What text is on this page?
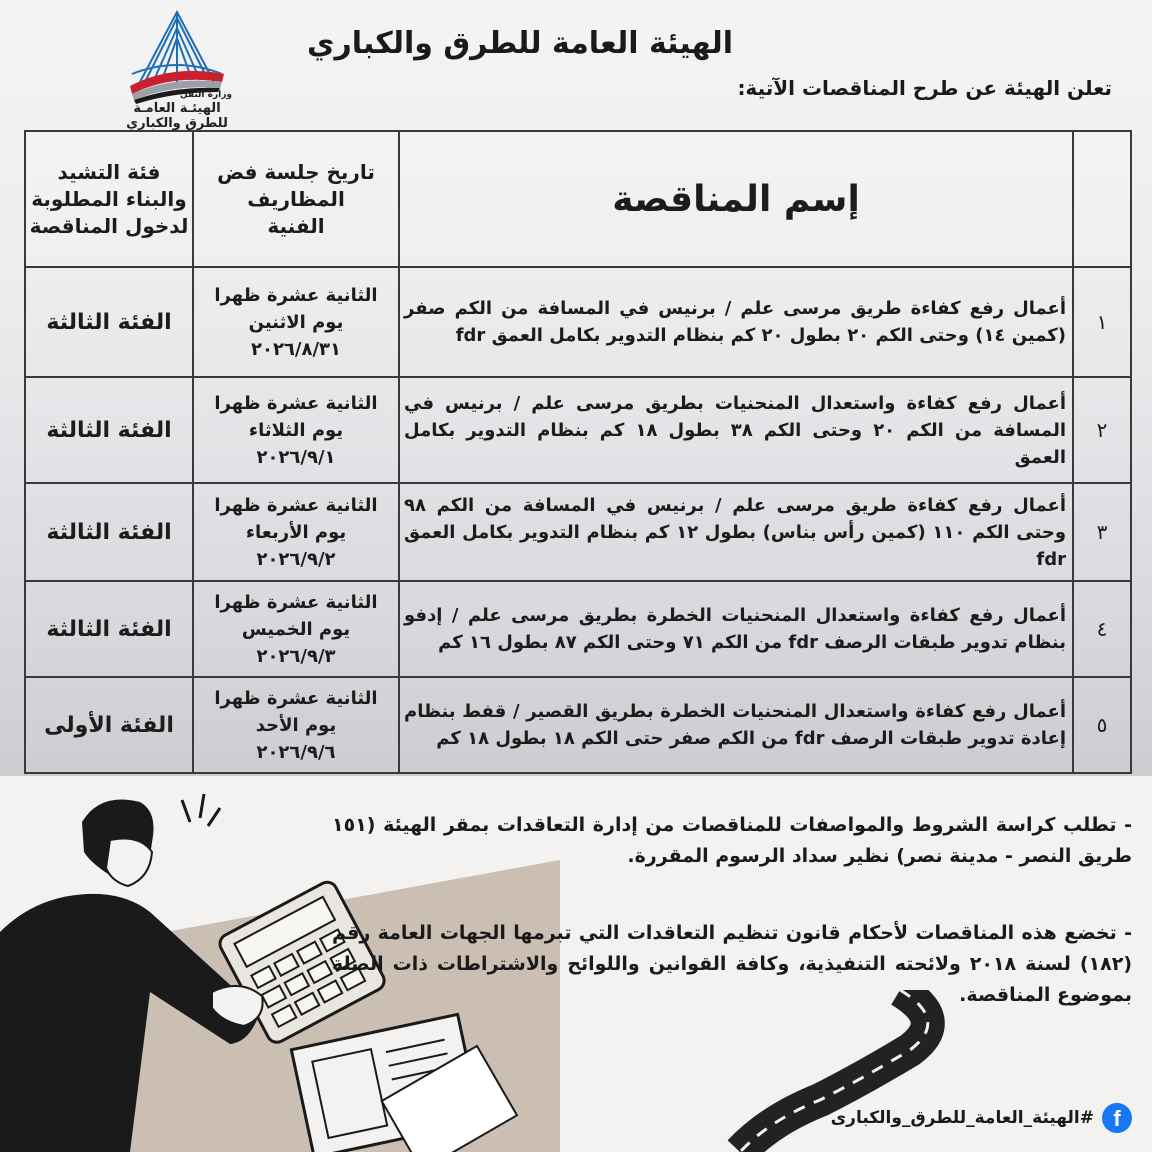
وزارة النقل
الهيئـة العامـة
للطرق والكباري
الهيئة العامة للطرق والكباري
تعلن الهيئة عن طرح المناقصات الآتية:
	إسم المناقصة	تاريخ جلسة فض المظاريف الفنية	فئة التشيد والبناء المطلوبة لدخول المناقصة
١	أعمال رفع كفاءة طريق مرسى علم / برنيس في المسافة من الكم صفر (كمين ١٤) وحتى الكم ٢٠ بطول ٢٠ كم بنظام التدوير بكامل العمق fdr	الثانية عشرة ظهرا
يوم الاثنين
٢٠٢٦/٨/٣١	الفئة الثالثة
٢	أعمال رفع كفاءة واستعدال المنحنيات بطريق مرسى علم / برنيس في المسافة من الكم ٢٠ وحتى الكم ٣٨ بطول ١٨ كم بنظام التدوير بكامل العمق	الثانية عشرة ظهرا
يوم الثلاثاء
٢٠٢٦/٩/١	الفئة الثالثة
٣	أعمال رفع كفاءة طريق مرسى علم / برنيس في المسافة من الكم ٩٨ وحتى الكم ١١٠ (كمين رأس بناس) بطول ١٢ كم بنظام التدوير بكامل العمق fdr	الثانية عشرة ظهرا
يوم الأربعاء
٢٠٢٦/٩/٢	الفئة الثالثة
٤	أعمال رفع كفاءة واستعدال المنحنيات الخطرة بطريق مرسى علم / إدفو بنظام تدوير طبقات الرصف fdr من الكم ٧١ وحتى الكم ٨٧ بطول ١٦ كم	الثانية عشرة ظهرا
يوم الخميس
٢٠٢٦/٩/٣	الفئة الثالثة
٥	أعمال رفع كفاءة واستعدال المنحنيات الخطرة بطريق القصير / قفط بنظام إعادة تدوير طبقات الرصف fdr من الكم صفر حتى الكم ١٨ بطول ١٨ كم	الثانية عشرة ظهرا
يوم الأحد
٢٠٢٦/٩/٦	الفئة الأولى
- تطلب كراسة الشروط والمواصفات للمناقصات من إدارة التعاقدات بمقر الهيئة (١٥١ طريق النصر - مدينة نصر) نظير سداد الرسوم المقررة.
- تخضع هذه المناقصات لأحكام قانون تنظيم التعاقدات التي تبرمها الجهات العامة رقم (١٨٢) لسنة ٢٠١٨ ولائحته التنفيذية، وكافة القوانين واللوائح والاشتراطات ذات الصلة بموضوع المناقصة.
f
#الهيئة_العامة_للطرق_والكبارى
